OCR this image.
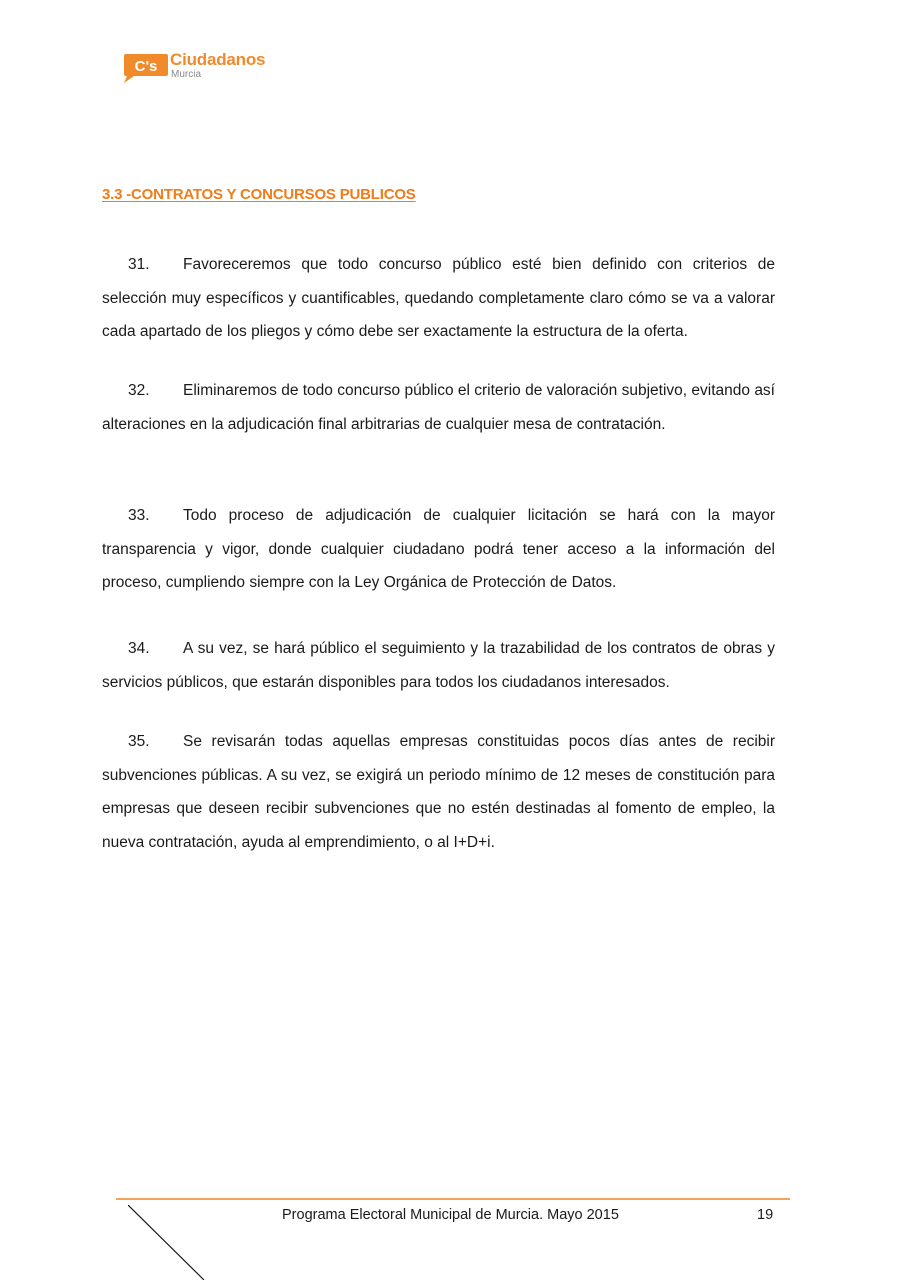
C's Ciudadanos
Murcia
3.3 -CONTRATOS Y CONCURSOS PUBLICOS

31. Favoreceremos que todo concurso público esté bien definido con criterios de selección muy específicos y cuantificables, quedando completamente claro cómo se va a valorar cada apartado de los pliegos y cómo debe ser exactamente la estructura de la oferta.

32. Eliminaremos de todo concurso público el criterio de valoración subjetivo, evitando así alteraciones en la adjudicación final arbitrarias de cualquier mesa de contratación.

33. Todo proceso de adjudicación de cualquier licitación se hará con la mayor transparencia y vigor, donde cualquier ciudadano podrá tener acceso a la información del proceso, cumpliendo siempre con la Ley Orgánica de Protección de Datos.

34. A su vez, se hará público el seguimiento y la trazabilidad de los contratos de obras y servicios públicos, que estarán disponibles para todos los ciudadanos interesados.

35. Se revisarán todas aquellas empresas constituidas pocos días antes de recibir subvenciones públicas. A su vez, se exigirá un periodo mínimo de 12 meses de constitución para empresas que deseen recibir subvenciones que no estén destinadas al fomento de empleo, la nueva contratación, ayuda al emprendimiento, o al I+D+i.

Programa Electoral Municipal de Murcia. Mayo 2015	19
